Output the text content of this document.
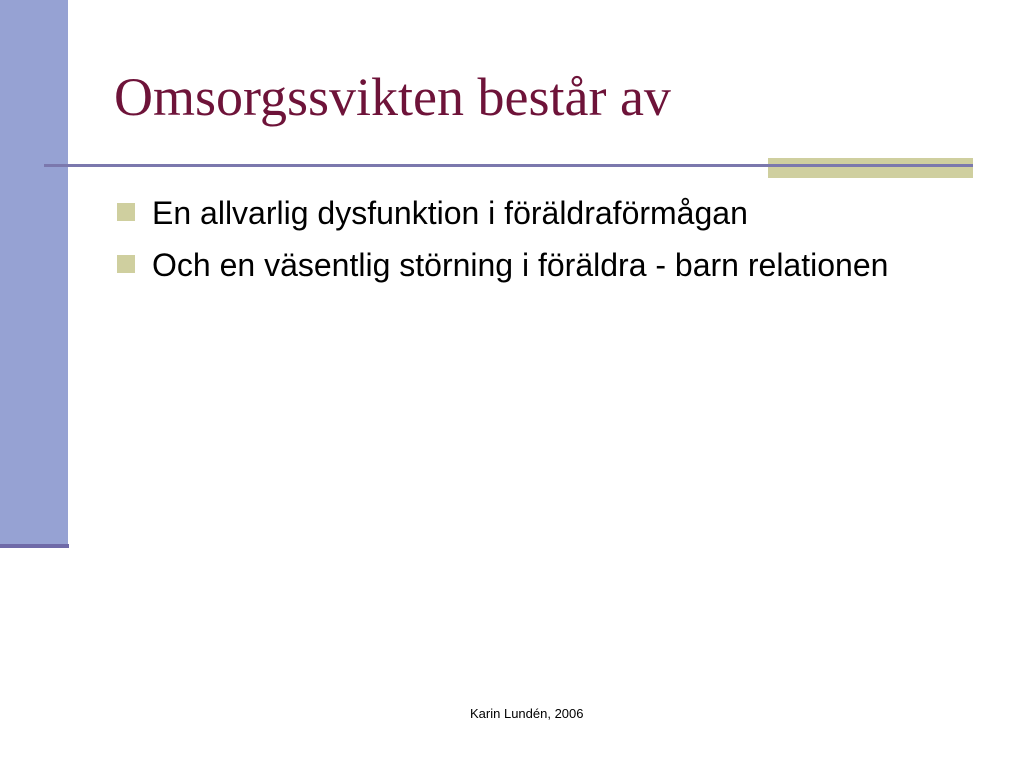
Omsorgssvikten består av
En allvarlig dysfunktion i föräldraförmågan
Och en väsentlig störning i föräldra - barn relationen
Karin Lundén, 2006
